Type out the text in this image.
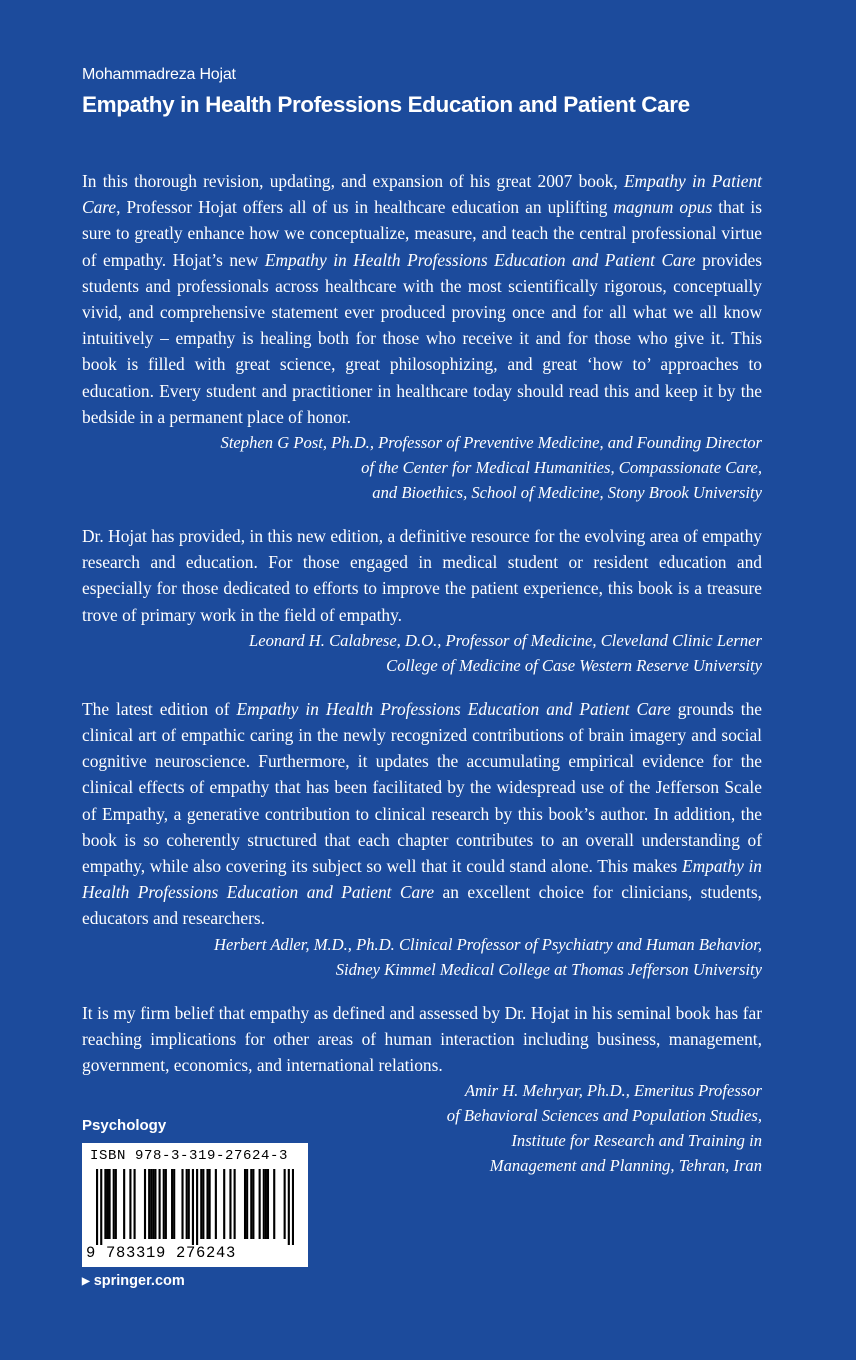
Mohammadreza Hojat
Empathy in Health Professions Education and Patient Care

In this thorough revision, updating, and expansion of his great 2007 book, Empathy in Patient Care, Professor Hojat offers all of us in healthcare education an uplifting magnum opus that is sure to greatly enhance how we conceptualize, measure, and teach the central professional virtue of empathy. Hojat’s new Empathy in Health Professions Education and Patient Care provides students and professionals across healthcare with the most scientifically rigorous, conceptually vivid, and comprehensive statement ever produced proving once and for all what we all know intuitively – empathy is healing both for those who receive it and for those who give it. This book is filled with great science, great philosophizing, and great ‘how to’ approaches to education. Every student and practitioner in healthcare today should read this and keep it by the bedside in a permanent place of honor.

Stephen G Post, Ph.D., Professor of Preventive Medicine, and Founding Director
of the Center for Medical Humanities, Compassionate Care,
and Bioethics, School of Medicine, Stony Brook University

Dr. Hojat has provided, in this new edition, a definitive resource for the evolving area of empathy research and education. For those engaged in medical student or resident education and especially for those dedicated to efforts to improve the patient experience, this book is a treasure trove of primary work in the field of empathy.

Leonard H. Calabrese, D.O., Professor of Medicine, Cleveland Clinic Lerner
College of Medicine of Case Western Reserve University

The latest edition of Empathy in Health Professions Education and Patient Care grounds the clinical art of empathic caring in the newly recognized contributions of brain imagery and social cognitive neuroscience. Furthermore, it updates the accumulating empirical evidence for the clinical effects of empathy that has been facilitated by the widespread use of the Jefferson Scale of Empathy, a generative contribution to clinical research by this book’s author. In addition, the book is so coherently structured that each chapter contributes to an overall understanding of empathy, while also covering its subject so well that it could stand alone. This makes Empathy in Health Professions Education and Patient Care an excellent choice for clinicians, students, educators and researchers.

Herbert Adler, M.D., Ph.D. Clinical Professor of Psychiatry and Human Behavior,
Sidney Kimmel Medical College at Thomas Jefferson University

It is my firm belief that empathy as defined and assessed by Dr. Hojat in his seminal book has far reaching implications for other areas of human interaction including business, management, government, economics, and international relations.

Amir H. Mehryar, Ph.D., Emeritus Professor
of Behavioral Sciences and Population Studies,
Institute for Research and Training in
Management and Planning, Tehran, Iran

Psychology
ISBN 978-3-319-27624-3
9 783319 276243
▶ springer.com
